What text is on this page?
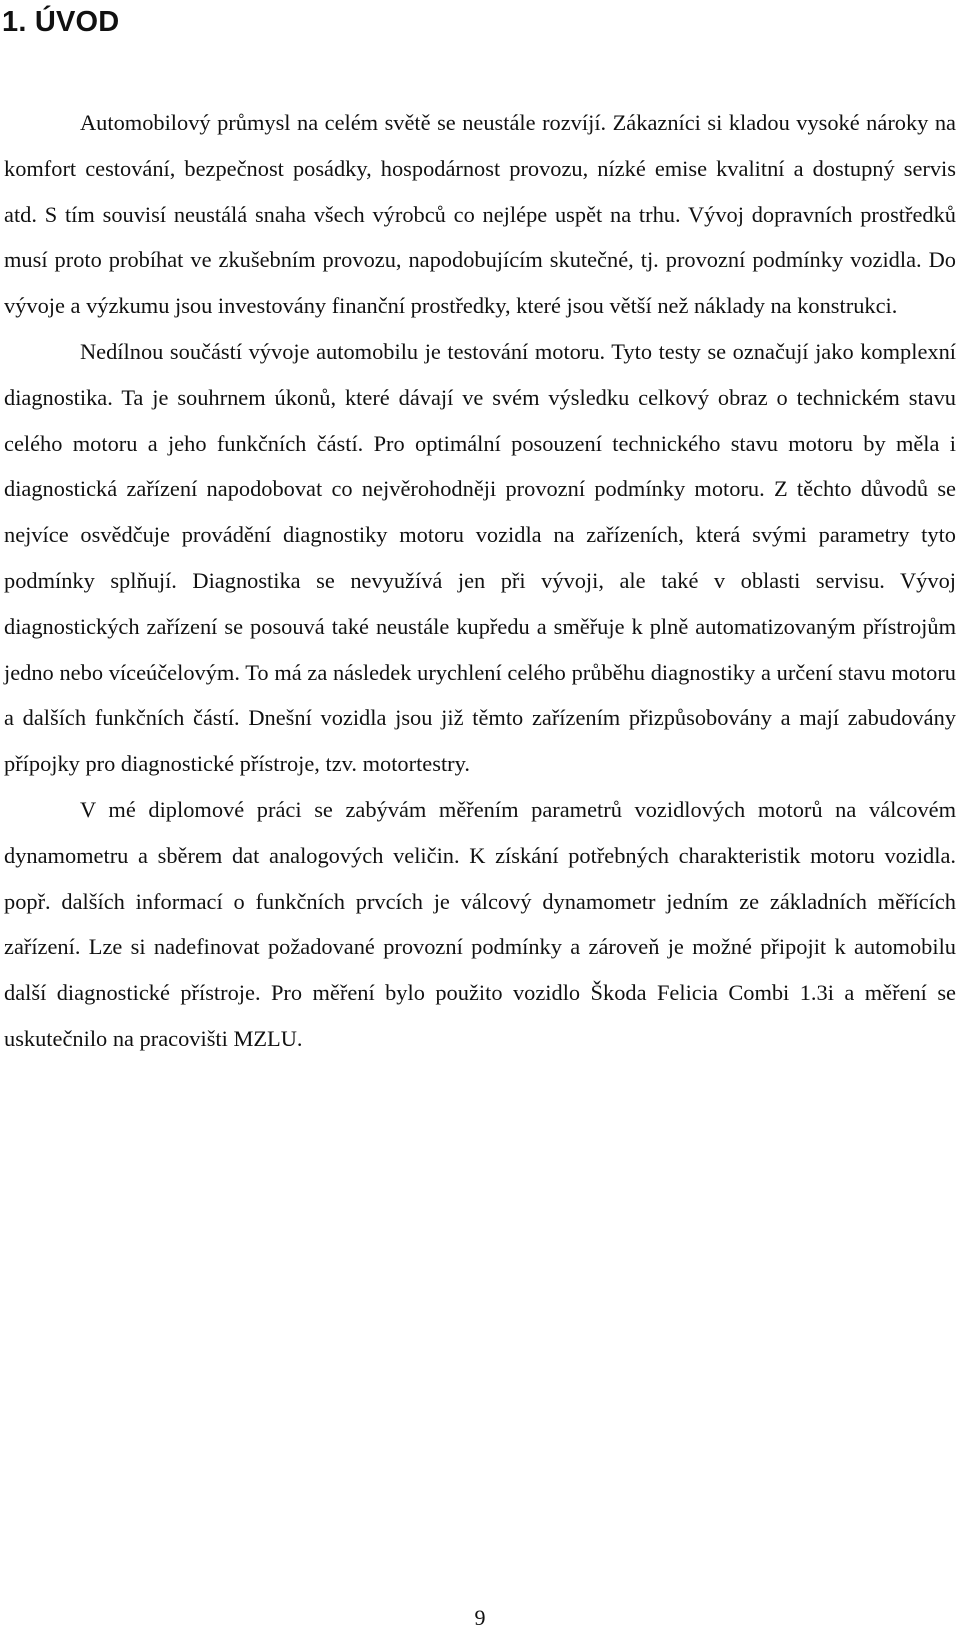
1. ÚVOD

Automobilový průmysl na celém světě se neustále rozvíjí. Zákazníci si kladou vysoké nároky na komfort cestování, bezpečnost posádky, hospodárnost provozu, nízké emise kvalitní a dostupný servis atd. S tím souvisí neustálá snaha všech výrobců co nejlépe uspět na trhu. Vývoj dopravních prostředků musí proto probíhat ve zkušebním provozu, napodobujícím skutečné, tj. provozní podmínky vozidla. Do vývoje a výzkumu jsou investovány finanční prostředky, které jsou větší než náklady na konstrukci.

Nedílnou součástí vývoje automobilu je testování motoru. Tyto testy se označují jako komplexní diagnostika. Ta je souhrnem úkonů, které dávají ve svém výsledku celkový obraz o technickém stavu celého motoru a jeho funkčních částí. Pro optimální posouzení technického stavu motoru by měla i diagnostická zařízení napodobovat co nejvěrohodněji provozní podmínky motoru. Z těchto důvodů se nejvíce osvědčuje provádění diagnostiky motoru vozidla na zařízeních, která svými parametry tyto podmínky splňují. Diagnostika se nevyužívá jen při vývoji, ale také v oblasti servisu. Vývoj diagnostických zařízení se posouvá také neustále kupředu a směřuje k plně automatizovaným přístrojům jedno nebo víceúčelovým. To má za následek urychlení celého průběhu diagnostiky a určení stavu motoru a dalších funkčních částí. Dnešní vozidla jsou již těmto zařízením přizpůsobovány a mají zabudovány přípojky pro diagnostické přístroje, tzv. motortestry.

V mé diplomové práci se zabývám měřením parametrů vozidlových motorů na válcovém dynamometru a sběrem dat analogových veličin. K získání potřebných charakteristik motoru vozidla. popř. dalších informací o funkčních prvcích je válcový dynamometr jedním ze základních měřících zařízení. Lze si nadefinovat požadované provozní podmínky a zároveň je možné připojit k automobilu další diagnostické přístroje. Pro měření bylo použito vozidlo Škoda Felicia Combi 1.3i a měření se uskutečnilo na pracovišti MZLU.

9
